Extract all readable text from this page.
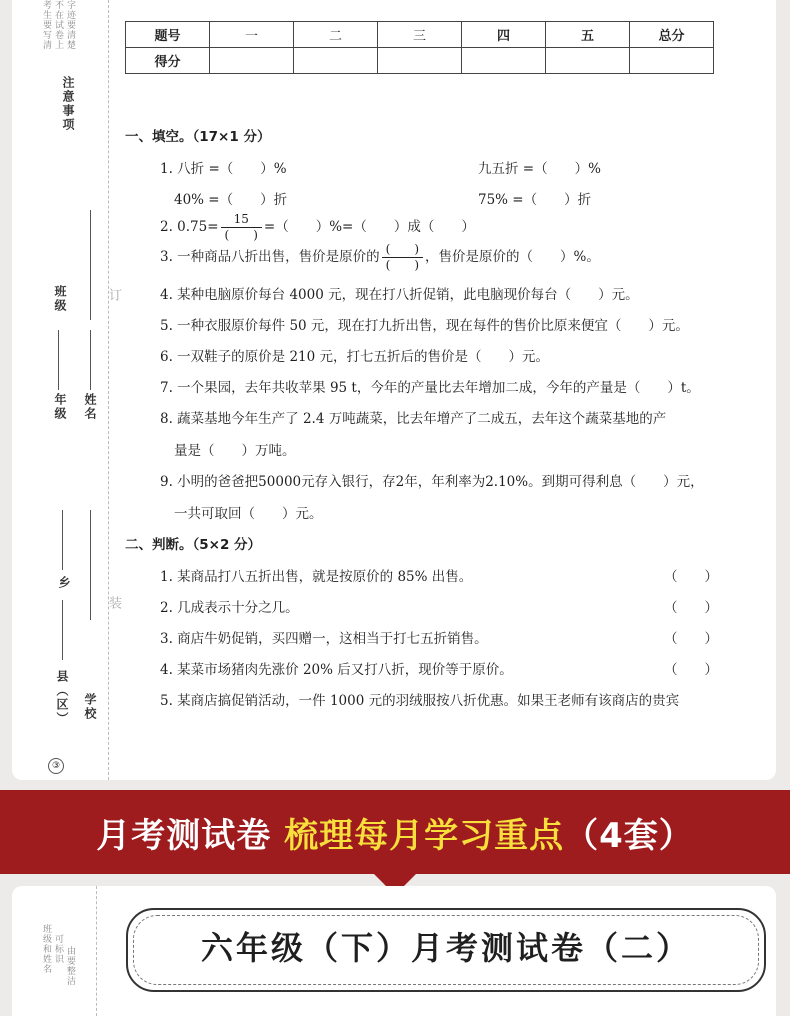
考生要写清 不在试卷上 字迹要清楚
注意事项
班级
年级 姓名
乡
县（区） 学校
订
装
③
题号	一	二	三	四	五	总分
得分						
一、填空。（17×1 分）
1. 八折 =（　　）%	九五折 =（　　）%
40% =（　　）折	75% =（　　）折
2. $0.75= \frac{15}{( )}$ =（　　）%=（　　）成（　　）
3. 一种商品八折出售，售价是原价的 $\frac{( )}{( )}$ ，售价是原价的（　　）%。
4. 某种电脑原价每台 4000 元，现在打八折促销，此电脑现价每台（　　）元。
5. 一种衣服原价每件 50 元，现在打九折出售，现在每件的售价比原来便宜（　　）元。
6. 一双鞋子的原价是 210 元，打七五折后的售价是（　　）元。
7. 一个果园，去年共收苹果 95 t，今年的产量比去年增加二成，今年的产量是（　　）t。
8. 蔬菜基地今年生产了 2.4 万吨蔬菜，比去年增产了二成五，去年这个蔬菜基地的产
量是（　　）万吨。
9. 小明的爸爸把50000元存入银行，存2年，年利率为2.10%。到期可得利息（　　）元，
一共可取回（　　）元。
二、判断。（5×2 分）
1. 某商品打八五折出售，就是按原价的 85% 出售。	（　　）
2. 几成表示十分之几。	（　　）
3. 商店牛奶促销，买四赠一，这相当于打七五折销售。	（　　）
4. 某菜市场猪肉先涨价 20% 后又打八折，现价等于原价。	（　　）
5. 某商店搞促销活动，一件 1000 元的羽绒服按八折优惠。如果王老师有该商店的贵宾
月考测试卷 梳理每月学习重点（4套）
班级和姓名 可标识 由要整洁	六年级（下）月考测试卷（二）
